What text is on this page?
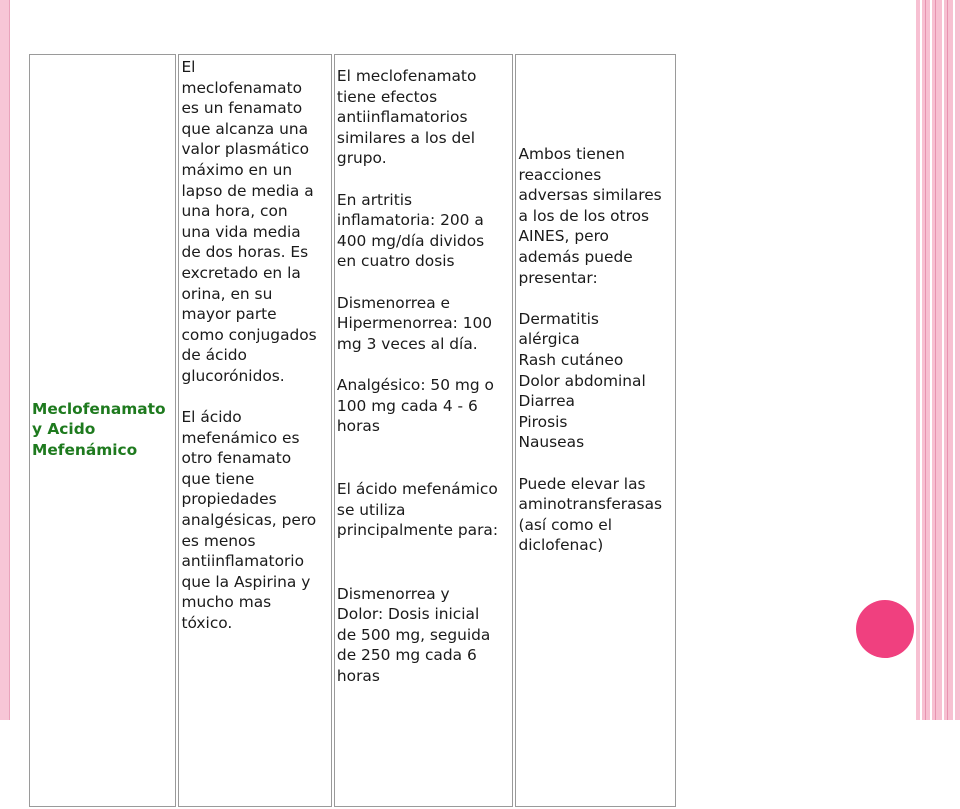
Meclofenamato
y Acido
Mefenámico

El
meclofenamato
es un fenamato
que alcanza una
valor plasmático
máximo en un
lapso de media a
una hora, con
una vida media
de dos horas. Es
excretado en la
orina, en su
mayor parte
como conjugados
de ácido
glucorónidos.
El ácido
mefenámico es
otro fenamato
que tiene
propiedades
analgésicas, pero
es menos
antiinflamatorio
que la Aspirina y
mucho mas
tóxico.

El meclofenamato
tiene efectos
antiinflamatorios
similares a los del
grupo.
En artritis
inflamatoria: 200 a
400 mg/día dividos
en cuatro dosis
Dismenorrea e
Hipermenorrea: 100
mg 3 veces al día.
Analgésico: 50 mg o
100 mg cada 4 - 6
horas
El ácido mefenámico
se utiliza
principalmente para:
Dismenorrea y
Dolor: Dosis inicial
de 500 mg, seguida
de 250 mg cada 6
horas

Ambos tienen
reacciones
adversas similares
a los de los otros
AINES, pero
además puede
presentar:
Dermatitis
alérgica
Rash cutáneo
Dolor abdominal
Diarrea
Pirosis
Nauseas
Puede elevar las
aminotransferasas
(así como el
diclofenac)
